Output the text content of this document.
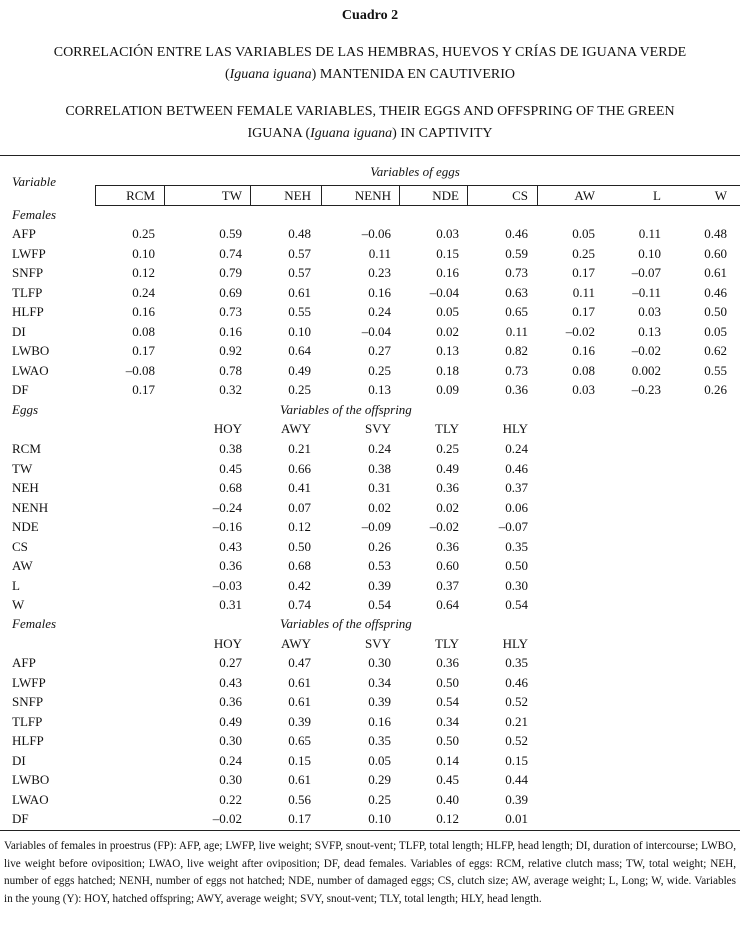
Cuadro 2
CORRELACIÓN ENTRE LAS VARIABLES DE LAS HEMBRAS, HUEVOS Y CRÍAS DE IGUANA VERDE (Iguana iguana) MANTENIDA EN CAUTIVERIO
CORRELATION BETWEEN FEMALE VARIABLES, THEIR EGGS AND OFFSPRING OF THE GREEN IGUANA (Iguana iguana) IN CAPTIVITY
Variable
Variables of eggs
RCM	TW	NEH	NENH	NDE	CS	AW	L	W
Females
AFP	0.25	0.59	0.48	–0.06	0.03	0.46	0.05	0.11	0.48
LWFP	0.10	0.74	0.57	0.11	0.15	0.59	0.25	0.10	0.60
SNFP	0.12	0.79	0.57	0.23	0.16	0.73	0.17	–0.07	0.61
TLFP	0.24	0.69	0.61	0.16	–0.04	0.63	0.11	–0.11	0.46
HLFP	0.16	0.73	0.55	0.24	0.05	0.65	0.17	0.03	0.50
DI	0.08	0.16	0.10	–0.04	0.02	0.11	–0.02	0.13	0.05
LWBO	0.17	0.92	0.64	0.27	0.13	0.82	0.16	–0.02	0.62
LWAO	–0.08	0.78	0.49	0.25	0.18	0.73	0.08	0.002	0.55
DF	0.17	0.32	0.25	0.13	0.09	0.36	0.03	–0.23	0.26
Eggs	Variables of the offspring
HOY	AWY	SVY	TLY	HLY
RCM	0.38	0.21	0.24	0.25	0.24
TW	0.45	0.66	0.38	0.49	0.46
NEH	0.68	0.41	0.31	0.36	0.37
NENH	–0.24	0.07	0.02	0.02	0.06
NDE	–0.16	0.12	–0.09	–0.02	–0.07
CS	0.43	0.50	0.26	0.36	0.35
AW	0.36	0.68	0.53	0.60	0.50
L	–0.03	0.42	0.39	0.37	0.30
W	0.31	0.74	0.54	0.64	0.54
Females	Variables of the offspring
HOY	AWY	SVY	TLY	HLY
AFP	0.27	0.47	0.30	0.36	0.35
LWFP	0.43	0.61	0.34	0.50	0.46
SNFP	0.36	0.61	0.39	0.54	0.52
TLFP	0.49	0.39	0.16	0.34	0.21
HLFP	0.30	0.65	0.35	0.50	0.52
DI	0.24	0.15	0.05	0.14	0.15
LWBO	0.30	0.61	0.29	0.45	0.44
LWAO	0.22	0.56	0.25	0.40	0.39
DF	–0.02	0.17	0.10	0.12	0.01
Variables of females in proestrus (FP): AFP, age; LWFP, live weight; SVFP, snout-vent; TLFP, total length; HLFP, head length; DI, duration of intercourse; LWBO, live weight before oviposition; LWAO, live weight after oviposition; DF, dead females. Variables of eggs: RCM, relative clutch mass; TW, total weight; NEH, number of eggs hatched; NENH, number of eggs not hatched; NDE, number of damaged eggs; CS, clutch size; AW, average weight; L, Long; W, wide. Variables in the young (Y): HOY, hatched offspring; AWY, average weight; SVY, snout-vent; TLY, total length; HLY, head length.
